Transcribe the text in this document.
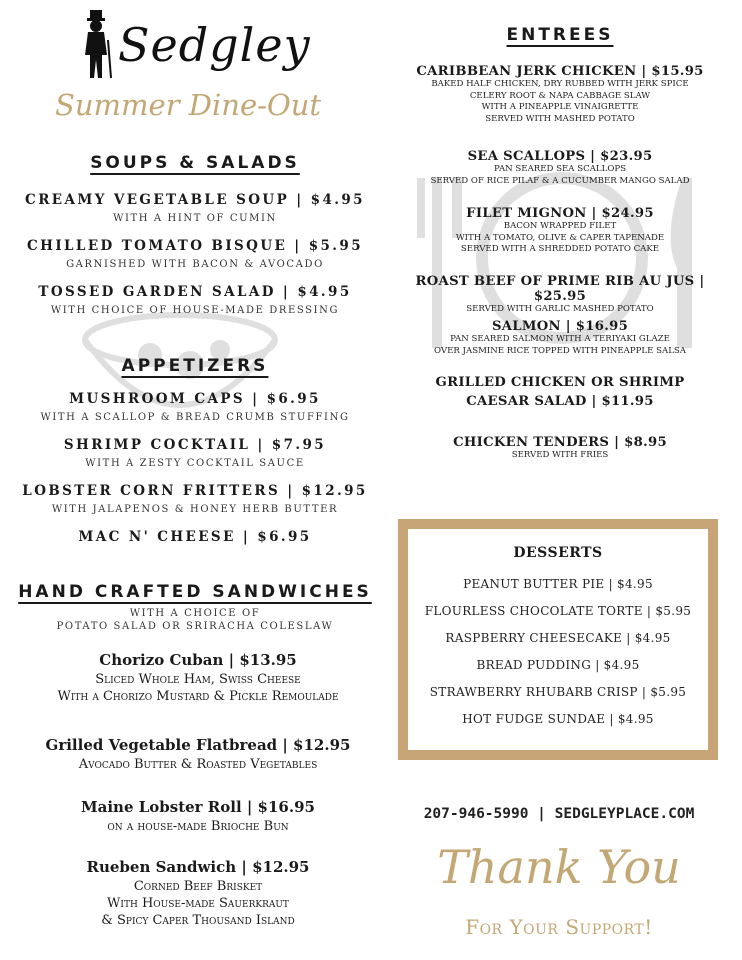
Sedgley
Summer Dine-Out
SOUPS & SALADS
CREAMY VEGETABLE SOUP | $4.95
WITH A HINT OF CUMIN
CHILLED TOMATO BISQUE | $5.95
GARNISHED WITH BACON & AVOCADO
TOSSED GARDEN SALAD | $4.95
WITH CHOICE OF HOUSE-MADE DRESSING
APPETIZERS
MUSHROOM CAPS | $6.95
WITH A SCALLOP & BREAD CRUMB STUFFING
SHRIMP COCKTAIL | $7.95
WITH A ZESTY COCKTAIL SAUCE
LOBSTER CORN FRITTERS | $12.95
WITH JALAPENOS & HONEY HERB BUTTER
MAC N' CHEESE | $6.95
HAND CRAFTED SANDWICHES
WITH A CHOICE OF
POTATO SALAD OR SRIRACHA COLESLAW
Chorizo Cuban | $13.95
Sliced Whole Ham, Swiss Cheese
With a Chorizo Mustard & Pickle Remoulade
Grilled Vegetable Flatbread | $12.95
Avocado Butter & Roasted Vegetables
Maine Lobster Roll | $16.95
on a house-made Brioche Bun
Rueben Sandwich | $12.95
Corned Beef Brisket
With House-made Sauerkraut
& Spicy Caper Thousand Island
ENTREES
CARIBBEAN JERK CHICKEN | $15.95
BAKED HALF CHICKEN, DRY RUBBED WITH JERK SPICE
CELERY ROOT & NAPA CABBAGE SLAW
WITH A PINEAPPLE VINAIGRETTE
SERVED WITH MASHED POTATO
SEA SCALLOPS | $23.95
PAN SEARED SEA SCALLOPS
SERVED OF RICE PILAF & A CUCUMBER MANGO SALAD
FILET MIGNON | $24.95
BACON WRAPPED FILET
WITH A TOMATO, OLIVE & CAPER TAPENADE
SERVED WITH A SHREDDED POTATO CAKE
ROAST BEEF OF PRIME RIB AU JUS | $25.95
SERVED WITH GARLIC MASHED POTATO
SALMON | $16.95
PAN SEARED SALMON WITH A TERIYAKI GLAZE
OVER JASMINE RICE TOPPED WITH PINEAPPLE SALSA
GRILLED CHICKEN OR SHRIMP
CAESAR SALAD | $11.95
CHICKEN TENDERS | $8.95
SERVED WITH FRIES
DESSERTS
PEANUT BUTTER PIE | $4.95
FLOURLESS CHOCOLATE TORTE | $5.95
RASPBERRY CHEESECAKE | $4.95
BREAD PUDDING | $4.95
STRAWBERRY RHUBARB CRISP | $5.95
HOT FUDGE SUNDAE | $4.95
207-946-5990 | SEDGLEYPLACE.COM
Thank You
For Your Support!
